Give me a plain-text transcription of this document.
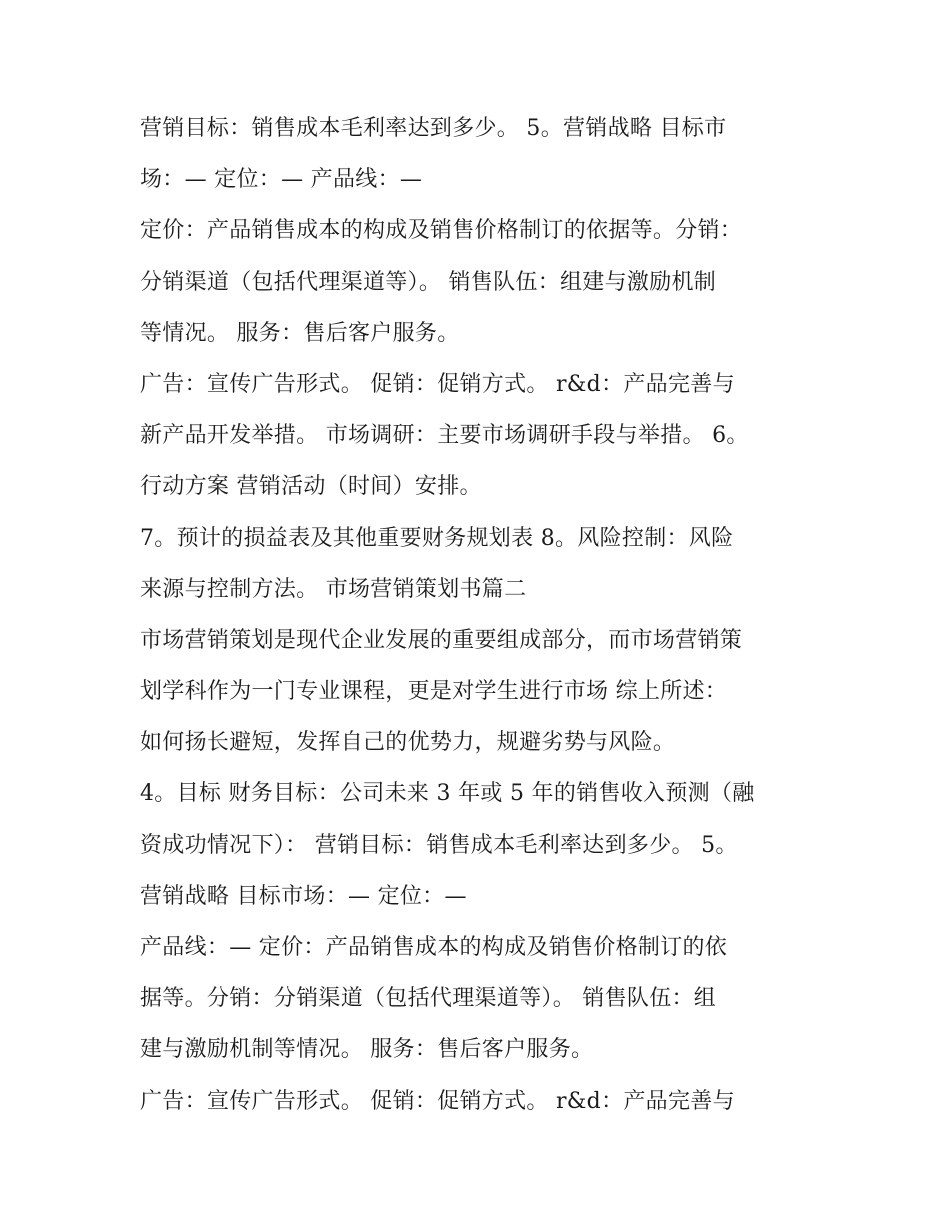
营销目标：销售成本毛利率达到多少。 5。营销战略 目标市
场：— 定位：— 产品线：—
定价：产品销售成本的构成及销售价格制订的依据等。分销：
分销渠道（包括代理渠道等）。 销售队伍：组建与激励机制
等情况。 服务：售后客户服务。
广告：宣传广告形式。 促销：促销方式。 r&d：产品完善与
新产品开发举措。 市场调研：主要市场调研手段与举措。 6。
行动方案 营销活动（时间）安排。
7。预计的损益表及其他重要财务规划表 8。风险控制：风险
来源与控制方法。 市场营销策划书篇二
市场营销策划是现代企业发展的重要组成部分，而市场营销策
划学科作为一门专业课程，更是对学生进行市场 综上所述：
如何扬长避短，发挥自己的优势力，规避劣势与风险。
4。目标 财务目标：公司未来 3 年或 5 年的销售收入预测（融
资成功情况下）： 营销目标：销售成本毛利率达到多少。 5。
营销战略 目标市场：— 定位：—
产品线：— 定价：产品销售成本的构成及销售价格制订的依
据等。分销：分销渠道（包括代理渠道等）。 销售队伍：组
建与激励机制等情况。 服务：售后客户服务。
广告：宣传广告形式。 促销：促销方式。 r&d：产品完善与
